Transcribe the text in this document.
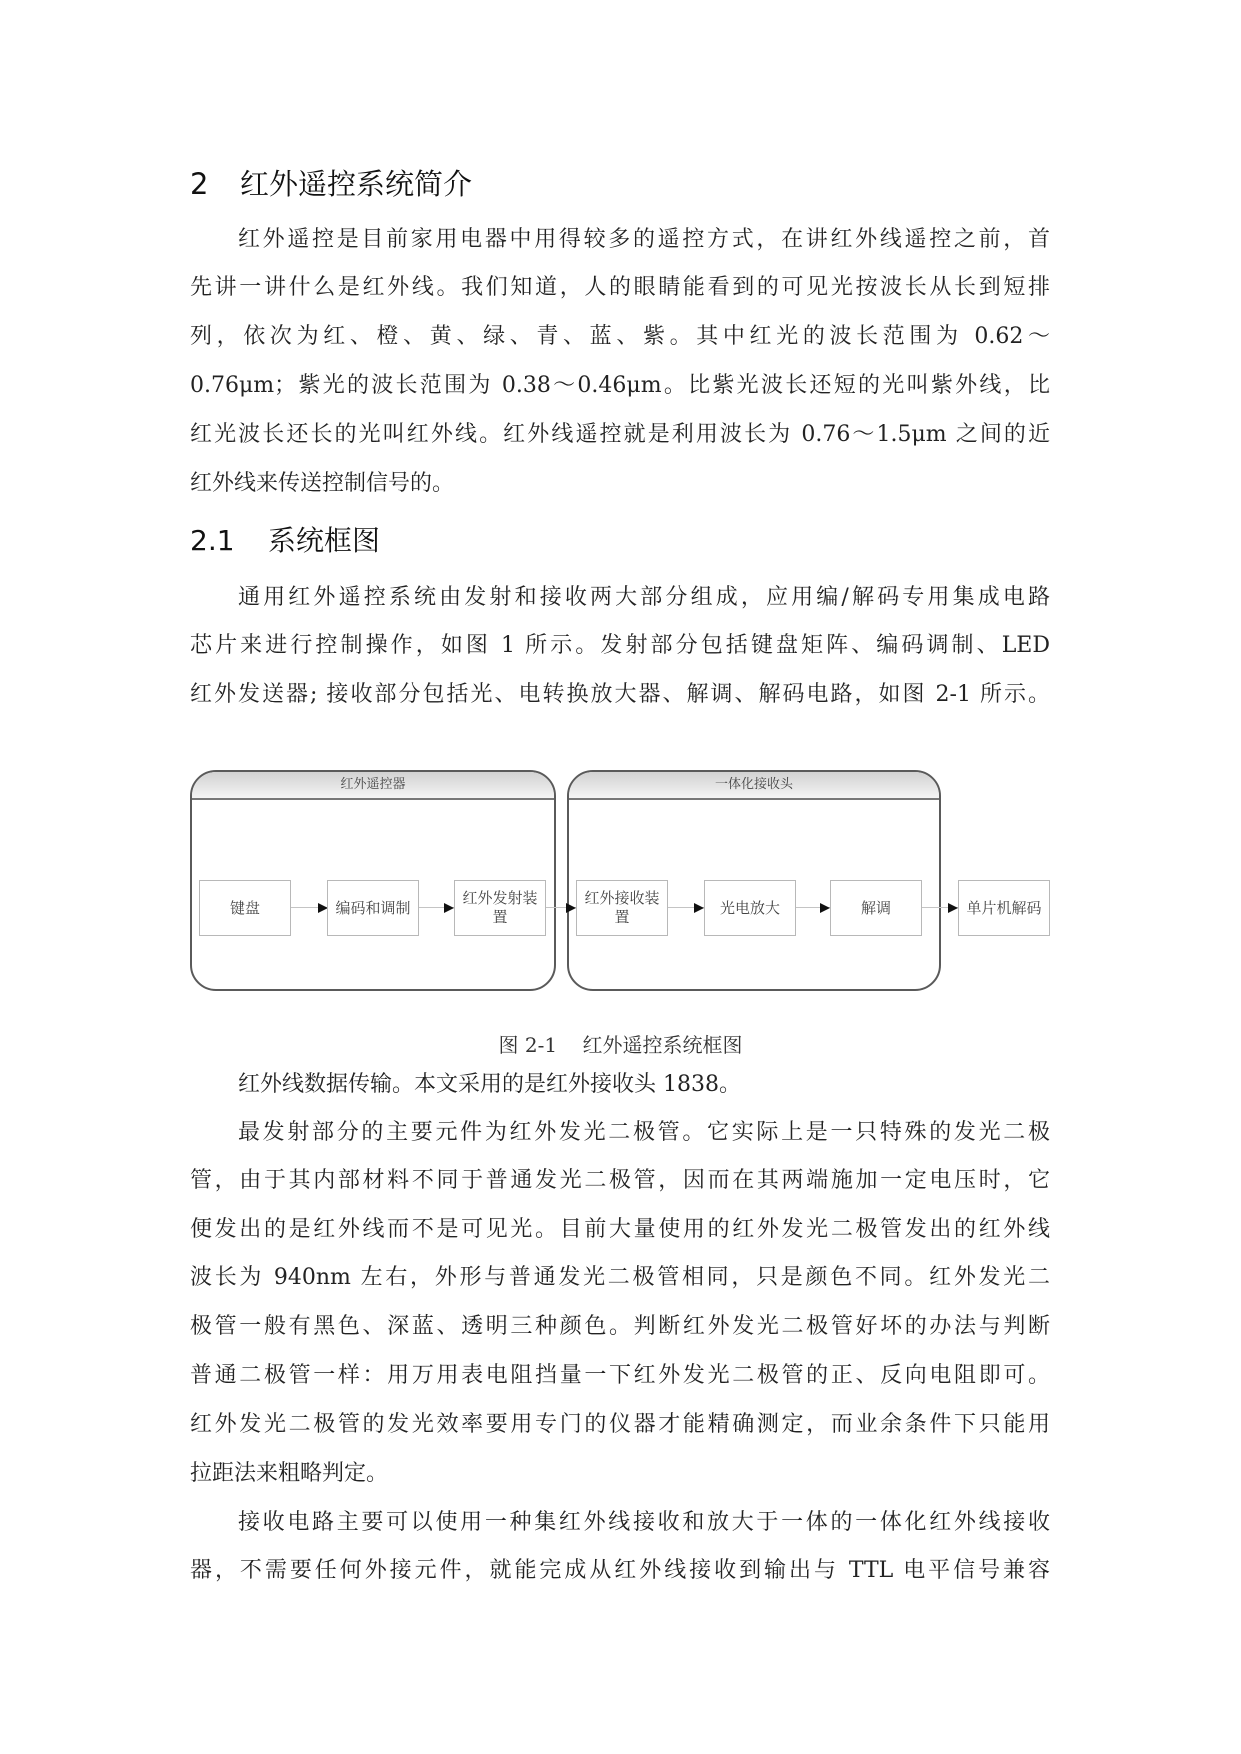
2 红外遥控系统简介
红外遥控是目前家用电器中用得较多的遥控方式，在讲红外线遥控之前，首
先讲一讲什么是红外线。我们知道，人的眼睛能看到的可见光按波长从长到短排
列，依次为红、橙、黄、绿、青、蓝、紫。其中红光的波长范围为 0.62～
0.76μm；紫光的波长范围为 0.38～0.46μm。比紫光波长还短的光叫紫外线，比
红光波长还长的光叫红外线。红外线遥控就是利用波长为 0.76～1.5μm 之间的近
红外线来传送控制信号的。
2.1 系统框图
通用红外遥控系统由发射和接收两大部分组成，应用编/解码专用集成电路
芯片来进行控制操作，如图 1 所示。发射部分包括键盘矩阵、编码调制、LED
红外发送器; 接收部分包括光、电转换放大器、解调、解码电路，如图 2-1 所示。
红外遥控器	一体化接收头
键盘	编码和调制
红外发射装置
红外接收装置
光电放大	解调	单片机解码
图 2-1    红外遥控系统框图
红外线数据传输。本文采用的是红外接收头 1838。
最发射部分的主要元件为红外发光二极管。它实际上是一只特殊的发光二极
管，由于其内部材料不同于普通发光二极管，因而在其两端施加一定电压时，它
便发出的是红外线而不是可见光。目前大量使用的红外发光二极管发出的红外线
波长为 940nm 左右，外形与普通发光二极管相同，只是颜色不同。红外发光二
极管一般有黑色、深蓝、透明三种颜色。判断红外发光二极管好坏的办法与判断
普通二极管一样：用万用表电阻挡量一下红外发光二极管的正、反向电阻即可。
红外发光二极管的发光效率要用专门的仪器才能精确测定，而业余条件下只能用
拉距法来粗略判定。
接收电路主要可以使用一种集红外线接收和放大于一体的一体化红外线接收
器，不需要任何外接元件，就能完成从红外线接收到输出与 TTL 电平信号兼容
